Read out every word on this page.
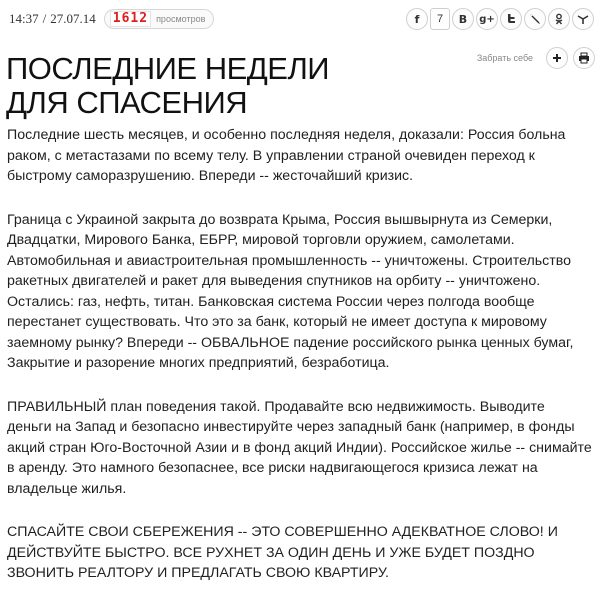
14:37 / 27.07.14 1612 просмотров	f	7	B g+
Забрать себе
ПОСЛЕДНИЕ НЕДЕЛИ
ДЛЯ СПАСЕНИЯ

Последние шесть месяцев, и особенно последняя неделя, доказали: Россия больна раком, с метастазами по всему телу. В управлении страной очевиден переход к быстрому саморазрушению. Впереди -- жесточайший кризис.

Граница с Украиной закрыта до возврата Крыма, Россия вышвырнута из Семерки, Двадцатки, Мирового Банка, ЕБРР, мировой торговли оружием, самолетами. Автомобильная и авиастроительная промышленность -- уничтожены. Строительство ракетных двигателей и ракет для выведения спутников на орбиту -- уничтожено. Остались: газ, нефть, титан. Банковская система России через полгода вообще перестанет существовать. Что это за банк, который не имеет доступа к мировому заемному рынку? Впереди -- ОБВАЛЬНОЕ падение российского рынка ценных бумаг, Закрытие и разорение многих предприятий, безработица.

ПРАВИЛЬНЫЙ план поведения такой. Продавайте всю недвижимость. Выводите деньги на Запад и безопасно инвестируйте через западный банк (например, в фонды акций стран Юго-Восточной Азии и в фонд акций Индии). Российское жилье -- снимайте в аренду. Это намного безопаснее, все риски надвигающегося кризиса лежат на владельце жилья.

СПАСАЙТЕ СВОИ СБЕРЕЖЕНИЯ -- ЭТО СОВЕРШЕННО АДЕКВАТНОЕ СЛОВО! И ДЕЙСТВУЙТЕ БЫСТРО. ВСЕ РУХНЕТ ЗА ОДИН ДЕНЬ И УЖЕ БУДЕТ ПОЗДНО ЗВОНИТЬ РЕАЛТОРУ И ПРЕДЛАГАТЬ СВОЮ КВАРТИРУ.
